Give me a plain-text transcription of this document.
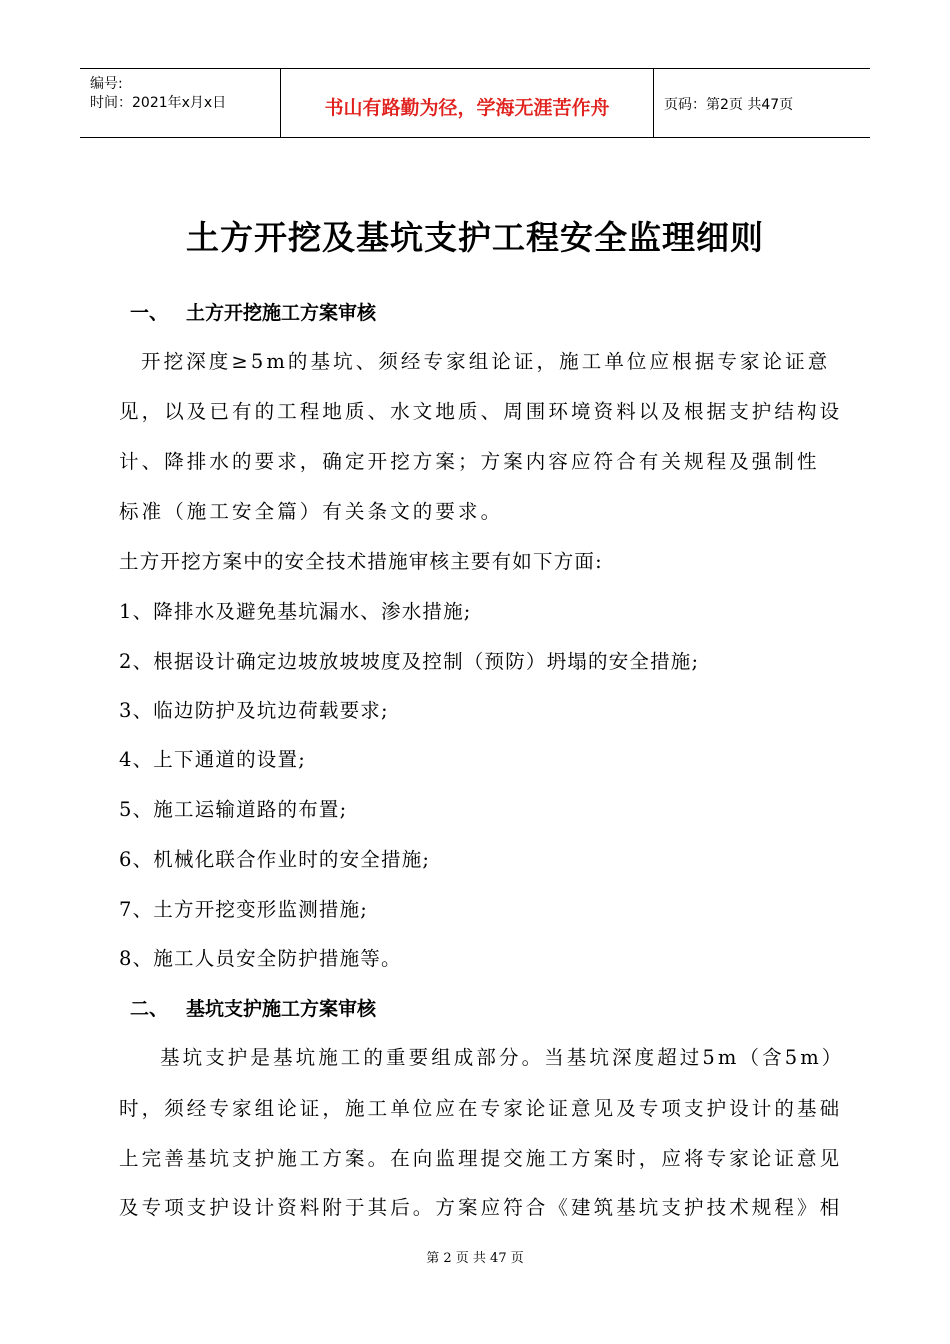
编号:
时间：2021年x月x日	书山有路勤为径，学海无涯苦作舟	页码：第2页 共47页
土方开挖及基坑支护工程安全监理细则
一、 土方开挖施工方案审核
开挖深度≥5m的基坑、须经专家组论证，施工单位应根据专家论证意
见，以及已有的工程地质、水文地质、周围环境资料以及根据支护结构设
计、降排水的要求，确定开挖方案；方案内容应符合有关规程及强制性
标准（施工安全篇）有关条文的要求。
土方开挖方案中的安全技术措施审核主要有如下方面:
1、降排水及避免基坑漏水、渗水措施;
2、根据设计确定边坡放坡坡度及控制（预防）坍塌的安全措施;
3、临边防护及坑边荷载要求;
4、上下通道的设置;
5、施工运输道路的布置;
6、机械化联合作业时的安全措施;
7、土方开挖变形监测措施;
8、施工人员安全防护措施等。
二、 基坑支护施工方案审核
基坑支护是基坑施工的重要组成部分。当基坑深度超过5m（含5m）
时，须经专家组论证，施工单位应在专家论证意见及专项支护设计的基础
上完善基坑支护施工方案。在向监理提交施工方案时，应将专家论证意见
及专项支护设计资料附于其后。方案应符合《建筑基坑支护技术规程》相
第 2 页 共 47 页
